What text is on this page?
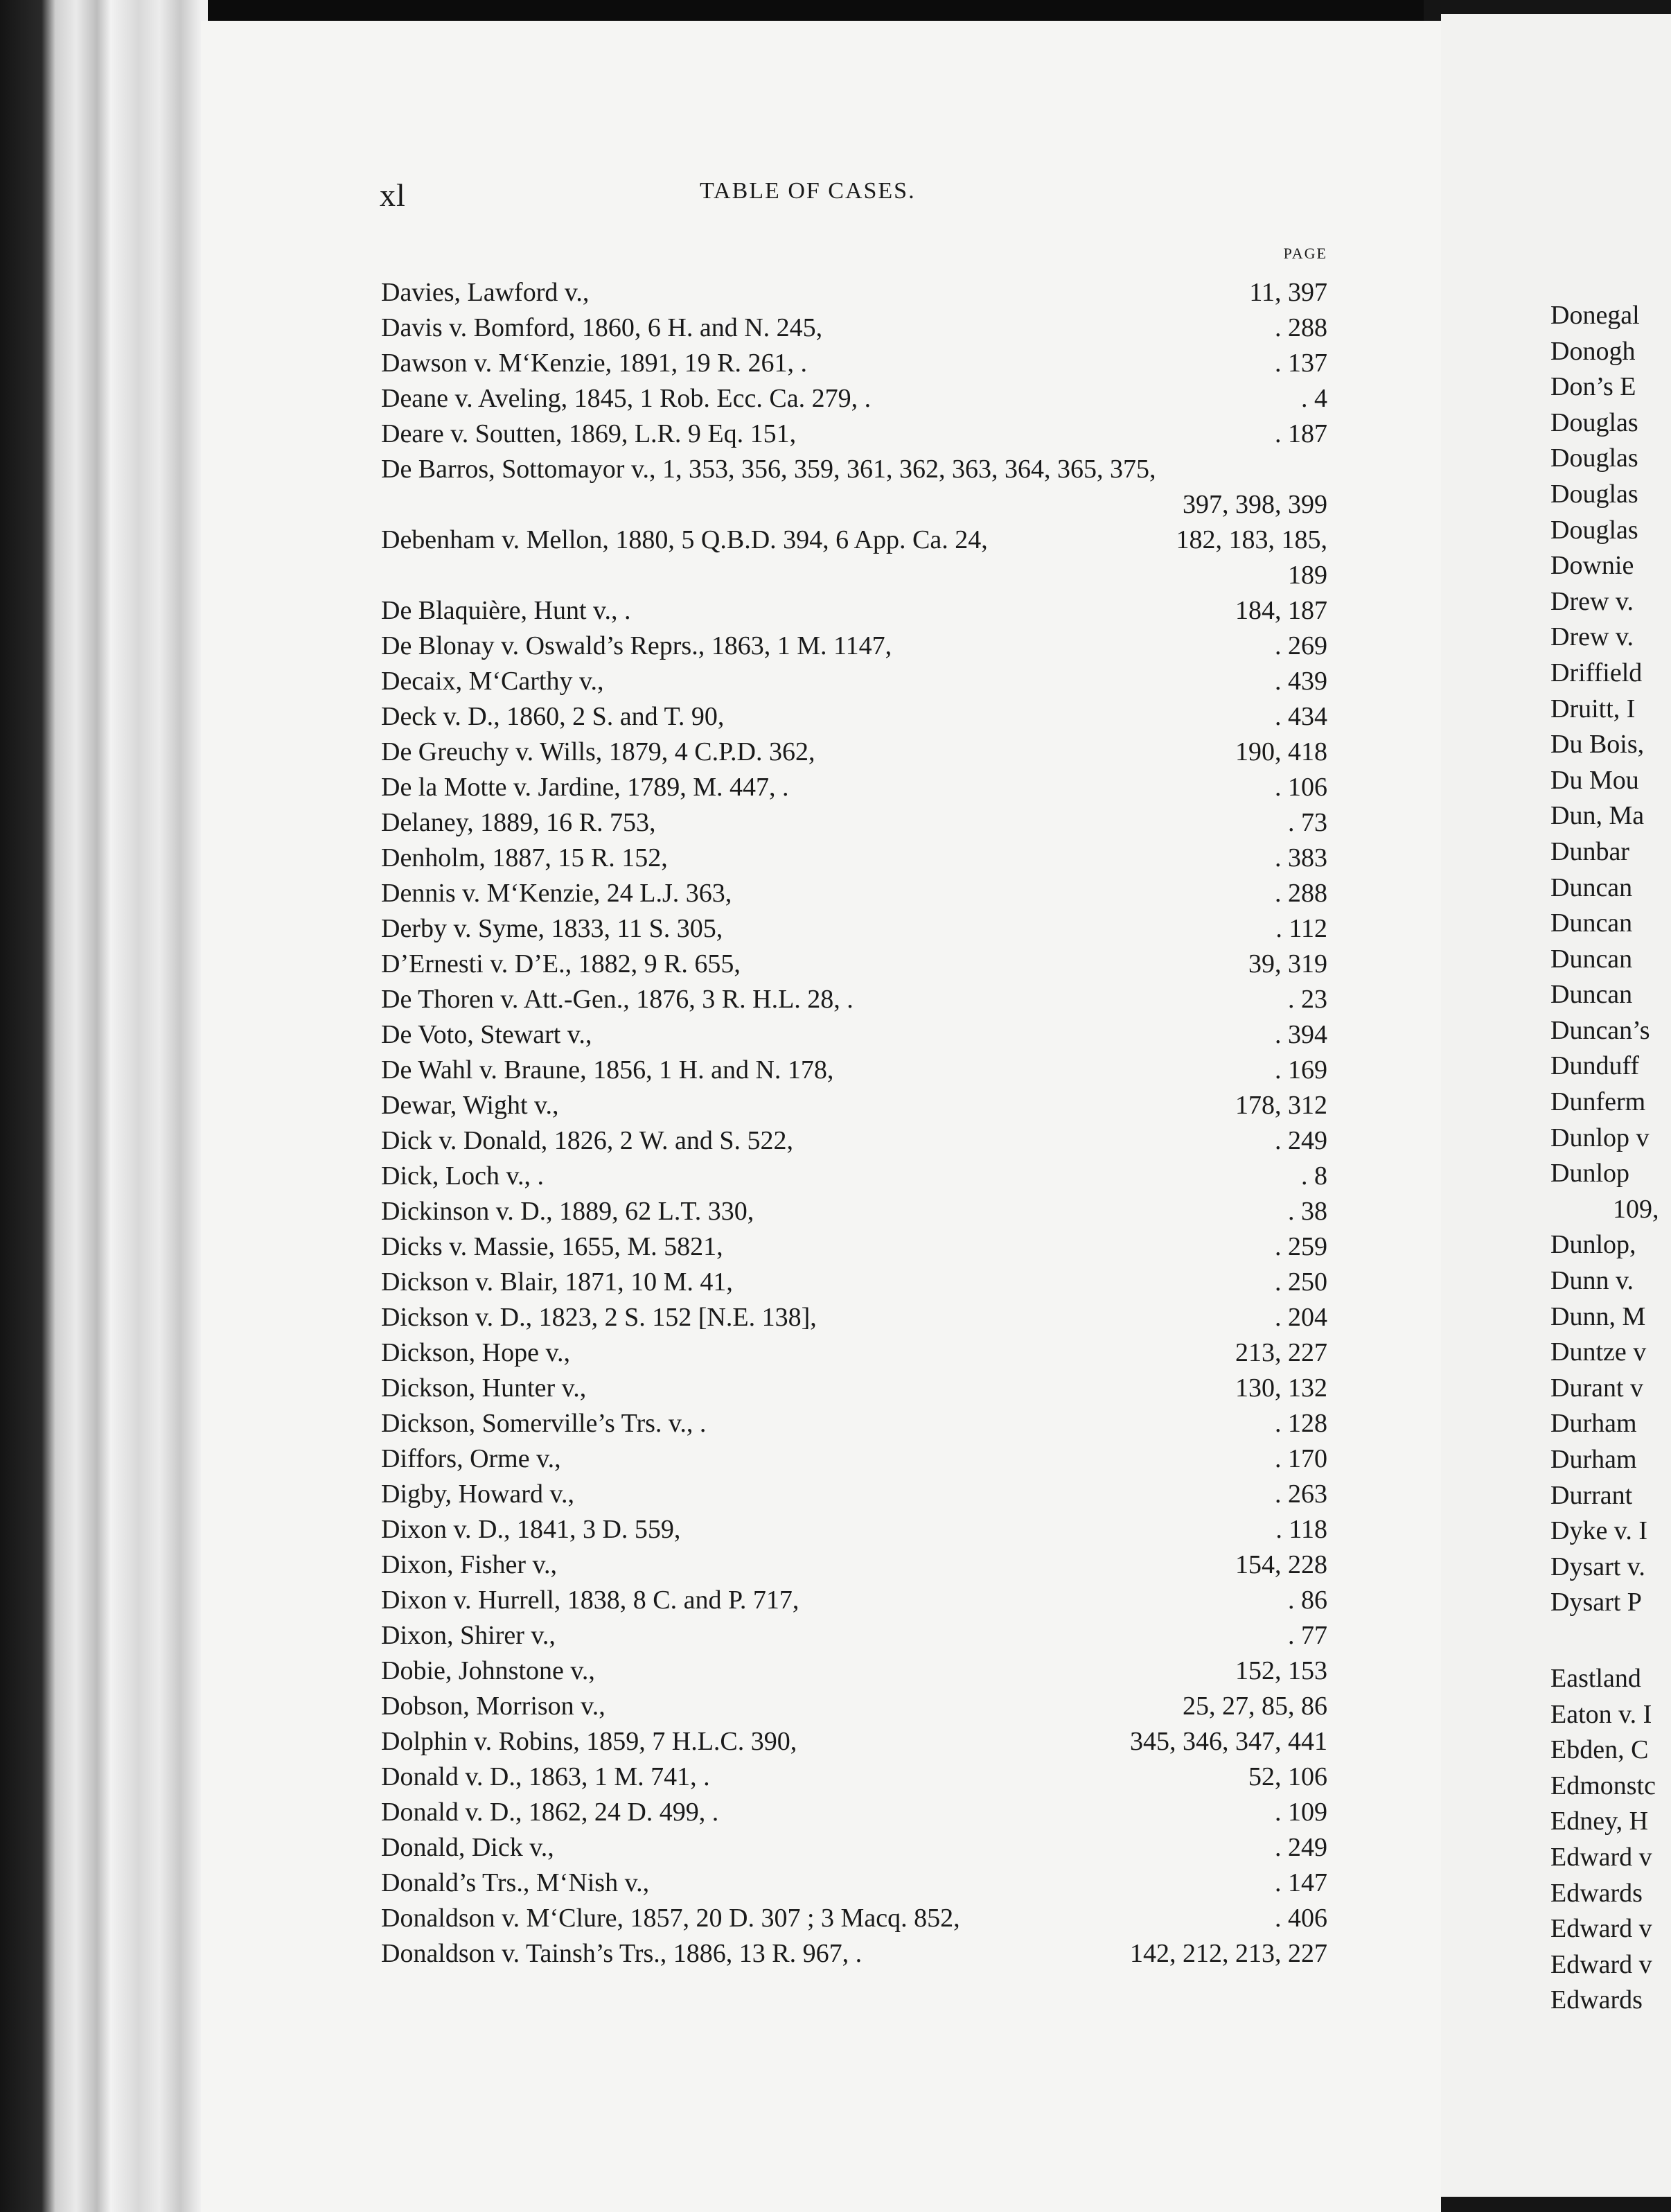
xl	TABLE OF CASES.
PAGE
Davies, Lawford v.,	11, 397
Davis v. Bomford, 1860, 6 H. and N. 245,	. 288
Dawson v. M‘Kenzie, 1891, 19 R. 261, .	. 137
Deane v. Aveling, 1845, 1 Rob. Ecc. Ca. 279, .	. 4
Deare v. Soutten, 1869, L.R. 9 Eq. 151,	. 187
De Barros, Sottomayor v., 1, 353, 356, 359, 361, 362, 363, 364, 365, 375,
397, 398, 399
Debenham v. Mellon, 1880, 5 Q.B.D. 394, 6 App. Ca. 24,	182, 183, 185,
189
De Blaquière, Hunt v., .	184, 187
De Blonay v. Oswald’s Reprs., 1863, 1 M. 1147,	. 269
Decaix, M‘Carthy v.,	. 439
Deck v. D., 1860, 2 S. and T. 90,	. 434
De Greuchy v. Wills, 1879, 4 C.P.D. 362,	190, 418
De la Motte v. Jardine, 1789, M. 447, .	. 106
Delaney, 1889, 16 R. 753,	. 73
Denholm, 1887, 15 R. 152,	. 383
Dennis v. M‘Kenzie, 24 L.J. 363,	. 288
Derby v. Syme, 1833, 11 S. 305,	. 112
D’Ernesti v. D’E., 1882, 9 R. 655,	39, 319
De Thoren v. Att.-Gen., 1876, 3 R. H.L. 28, .	. 23
De Voto, Stewart v.,	. 394
De Wahl v. Braune, 1856, 1 H. and N. 178,	. 169
Dewar, Wight v.,	178, 312
Dick v. Donald, 1826, 2 W. and S. 522,	. 249
Dick, Loch v., .	. 8
Dickinson v. D., 1889, 62 L.T. 330,	. 38
Dicks v. Massie, 1655, M. 5821,	. 259
Dickson v. Blair, 1871, 10 M. 41,	. 250
Dickson v. D., 1823, 2 S. 152 [N.E. 138],	. 204
Dickson, Hope v.,	213, 227
Dickson, Hunter v.,	130, 132
Dickson, Somerville’s Trs. v., .	. 128
Diffors, Orme v.,	. 170
Digby, Howard v.,	. 263
Dixon v. D., 1841, 3 D. 559,	. 118
Dixon, Fisher v.,	154, 228
Dixon v. Hurrell, 1838, 8 C. and P. 717,	. 86
Dixon, Shirer v.,	. 77
Dobie, Johnstone v.,	152, 153
Dobson, Morrison v.,	25, 27, 85, 86
Dolphin v. Robins, 1859, 7 H.L.C. 390,	345, 346, 347, 441
Donald v. D., 1863, 1 M. 741, .	52, 106
Donald v. D., 1862, 24 D. 499, .	. 109
Donald, Dick v.,	. 249
Donald’s Trs., M‘Nish v.,	. 147
Donaldson v. M‘Clure, 1857, 20 D. 307 ; 3 Macq. 852,	. 406
Donaldson v. Tainsh’s Trs., 1886, 13 R. 967, .	142, 212, 213, 227
Donegal
Donogh
Don’s E
Douglas
Douglas
Douglas
Douglas
Downie
Drew v.
Drew v.
Driffield
Druitt, I
Du Bois,
Du Mou
Dun, Ma
Dunbar
Duncan
Duncan
Duncan
Duncan
Duncan’s
Dunduff
Dunferm
Dunlop v
Dunlop
109,
Dunlop,
Dunn v.
Dunn, M
Duntze v
Durant v
Durham
Durham
Durrant
Dyke v. I
Dysart v.
Dysart P
Eastland
Eaton v. I
Ebden, C
Edmonstc
Edney, H
Edward v
Edwards
Edward v
Edward v
Edwards
